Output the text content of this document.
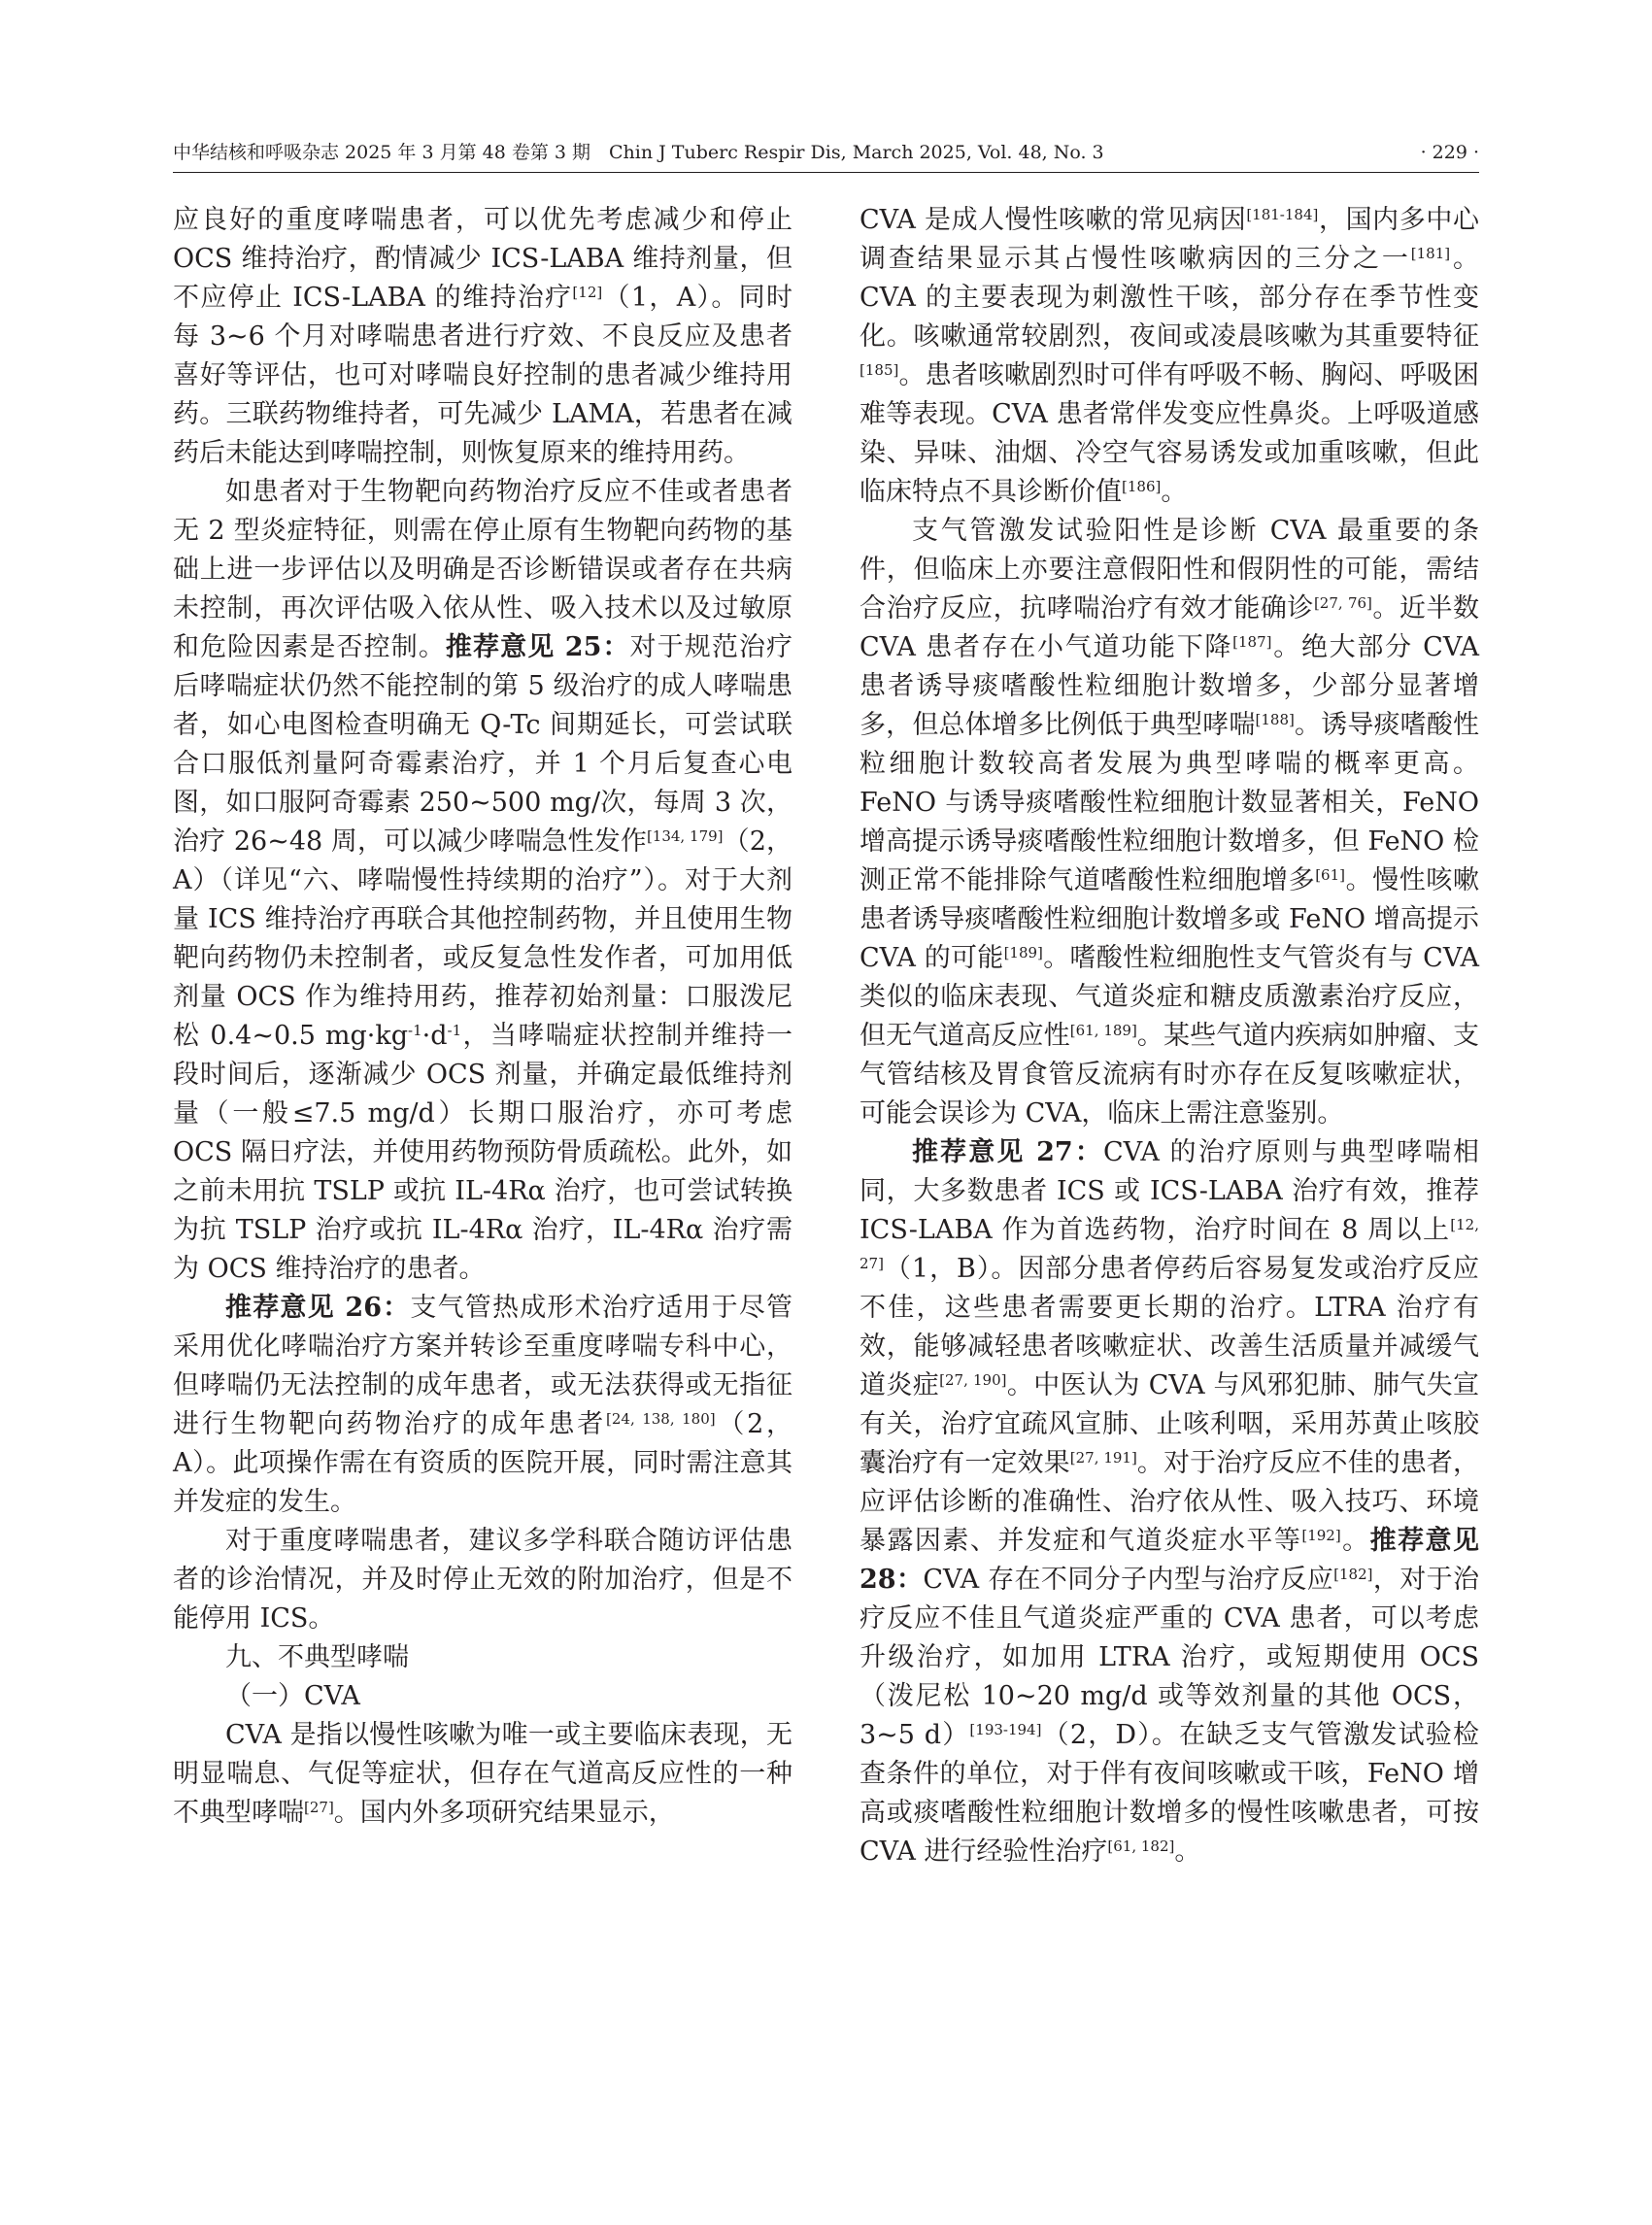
中华结核和呼吸杂志 2025 年 3 月第 48 卷第 3 期　Chin J Tuberc Respir Dis, March 2025, Vol. 48, No. 3	· 229 ·

应良好的重度哮喘患者，可以优先考虑减少和停止 OCS 维持治疗，酌情减少 ICS-LABA 维持剂量，但不应停止 ICS-LABA 的维持治疗[12]（1，A）。同时每 3~6 个月对哮喘患者进行疗效、不良反应及患者喜好等评估，也可对哮喘良好控制的患者减少维持用药。三联药物维持者，可先减少 LAMA，若患者在减药后未能达到哮喘控制，则恢复原来的维持用药。

如患者对于生物靶向药物治疗反应不佳或者患者无 2 型炎症特征，则需在停止原有生物靶向药物的基础上进一步评估以及明确是否诊断错误或者存在共病未控制，再次评估吸入依从性、吸入技术以及过敏原和危险因素是否控制。推荐意见 25：对于规范治疗后哮喘症状仍然不能控制的第 5 级治疗的成人哮喘患者，如心电图检查明确无 Q-Tc 间期延长，可尝试联合口服低剂量阿奇霉素治疗，并 1 个月后复查心电图，如口服阿奇霉素 250~500 mg/次，每周 3 次，治疗 26~48 周，可以减少哮喘急性发作[134, 179]（2，A）（详见“六、哮喘慢性持续期的治疗”）。对于大剂量 ICS 维持治疗再联合其他控制药物，并且使用生物靶向药物仍未控制者，或反复急性发作者，可加用低剂量 OCS 作为维持用药，推荐初始剂量：口服泼尼松 0.4~0.5 $mg\cdot kg^{-1}\cdot d^{-1}$，当哮喘症状控制并维持一段时间后，逐渐减少 OCS 剂量，并确定最低维持剂量（一般≤7.5 mg/d）长期口服治疗，亦可考虑 OCS 隔日疗法，并使用药物预防骨质疏松。此外，如之前未用抗 TSLP 或抗 IL-4Rα 治疗，也可尝试转换为抗 TSLP 治疗或抗 IL-4Rα 治疗，IL-4Rα 治疗需为 OCS 维持治疗的患者。

推荐意见 26：支气管热成形术治疗适用于尽管采用优化哮喘治疗方案并转诊至重度哮喘专科中心，但哮喘仍无法控制的成年患者，或无法获得或无指征进行生物靶向药物治疗的成年患者[24, 138, 180]（2，A）。此项操作需在有资质的医院开展，同时需注意其并发症的发生。

对于重度哮喘患者，建议多学科联合随访评估患者的诊治情况，并及时停止无效的附加治疗，但是不能停用 ICS。

九、不典型哮喘

（一）CVA

CVA 是指以慢性咳嗽为唯一或主要临床表现，无明显喘息、气促等症状，但存在气道高反应性的一种不典型哮喘[27]。国内外多项研究结果显示，

CVA 是成人慢性咳嗽的常见病因[181-184]，国内多中心调查结果显示其占慢性咳嗽病因的三分之一[181]。CVA 的主要表现为刺激性干咳，部分存在季节性变化。咳嗽通常较剧烈，夜间或凌晨咳嗽为其重要特征[185]。患者咳嗽剧烈时可伴有呼吸不畅、胸闷、呼吸困难等表现。CVA 患者常伴发变应性鼻炎。上呼吸道感染、异味、油烟、冷空气容易诱发或加重咳嗽，但此临床特点不具诊断价值[186]。

支气管激发试验阳性是诊断 CVA 最重要的条件，但临床上亦要注意假阳性和假阴性的可能，需结合治疗反应，抗哮喘治疗有效才能确诊[27, 76]。近半数 CVA 患者存在小气道功能下降[187]。绝大部分 CVA 患者诱导痰嗜酸性粒细胞计数增多，少部分显著增多，但总体增多比例低于典型哮喘[188]。诱导痰嗜酸性粒细胞计数较高者发展为典型哮喘的概率更高。FeNO 与诱导痰嗜酸性粒细胞计数显著相关，FeNO 增高提示诱导痰嗜酸性粒细胞计数增多，但 FeNO 检测正常不能排除气道嗜酸性粒细胞增多[61]。慢性咳嗽患者诱导痰嗜酸性粒细胞计数增多或 FeNO 增高提示 CVA 的可能[189]。嗜酸性粒细胞性支气管炎有与 CVA 类似的临床表现、气道炎症和糖皮质激素治疗反应，但无气道高反应性[61, 189]。某些气道内疾病如肿瘤、支气管结核及胃食管反流病有时亦存在反复咳嗽症状，可能会误诊为 CVA，临床上需注意鉴别。

推荐意见 27：CVA 的治疗原则与典型哮喘相同，大多数患者 ICS 或 ICS-LABA 治疗有效，推荐 ICS-LABA 作为首选药物，治疗时间在 8 周以上[12, 27]（1，B）。因部分患者停药后容易复发或治疗反应不佳，这些患者需要更长期的治疗。LTRA 治疗有效，能够减轻患者咳嗽症状、改善生活质量并减缓气道炎症[27, 190]。中医认为 CVA 与风邪犯肺、肺气失宣有关，治疗宜疏风宣肺、止咳利咽，采用苏黄止咳胶囊治疗有一定效果[27, 191]。对于治疗反应不佳的患者，应评估诊断的准确性、治疗依从性、吸入技巧、环境暴露因素、并发症和气道炎症水平等[192]。推荐意见 28：CVA 存在不同分子内型与治疗反应[182]，对于治疗反应不佳且气道炎症严重的 CVA 患者，可以考虑升级治疗，如加用 LTRA 治疗，或短期使用 OCS（泼尼松 10~20 mg/d 或等效剂量的其他 OCS，3~5 d）[193-194]（2，D）。在缺乏支气管激发试验检查条件的单位，对于伴有夜间咳嗽或干咳，FeNO 增高或痰嗜酸性粒细胞计数增多的慢性咳嗽患者，可按 CVA 进行经验性治疗[61, 182]。
